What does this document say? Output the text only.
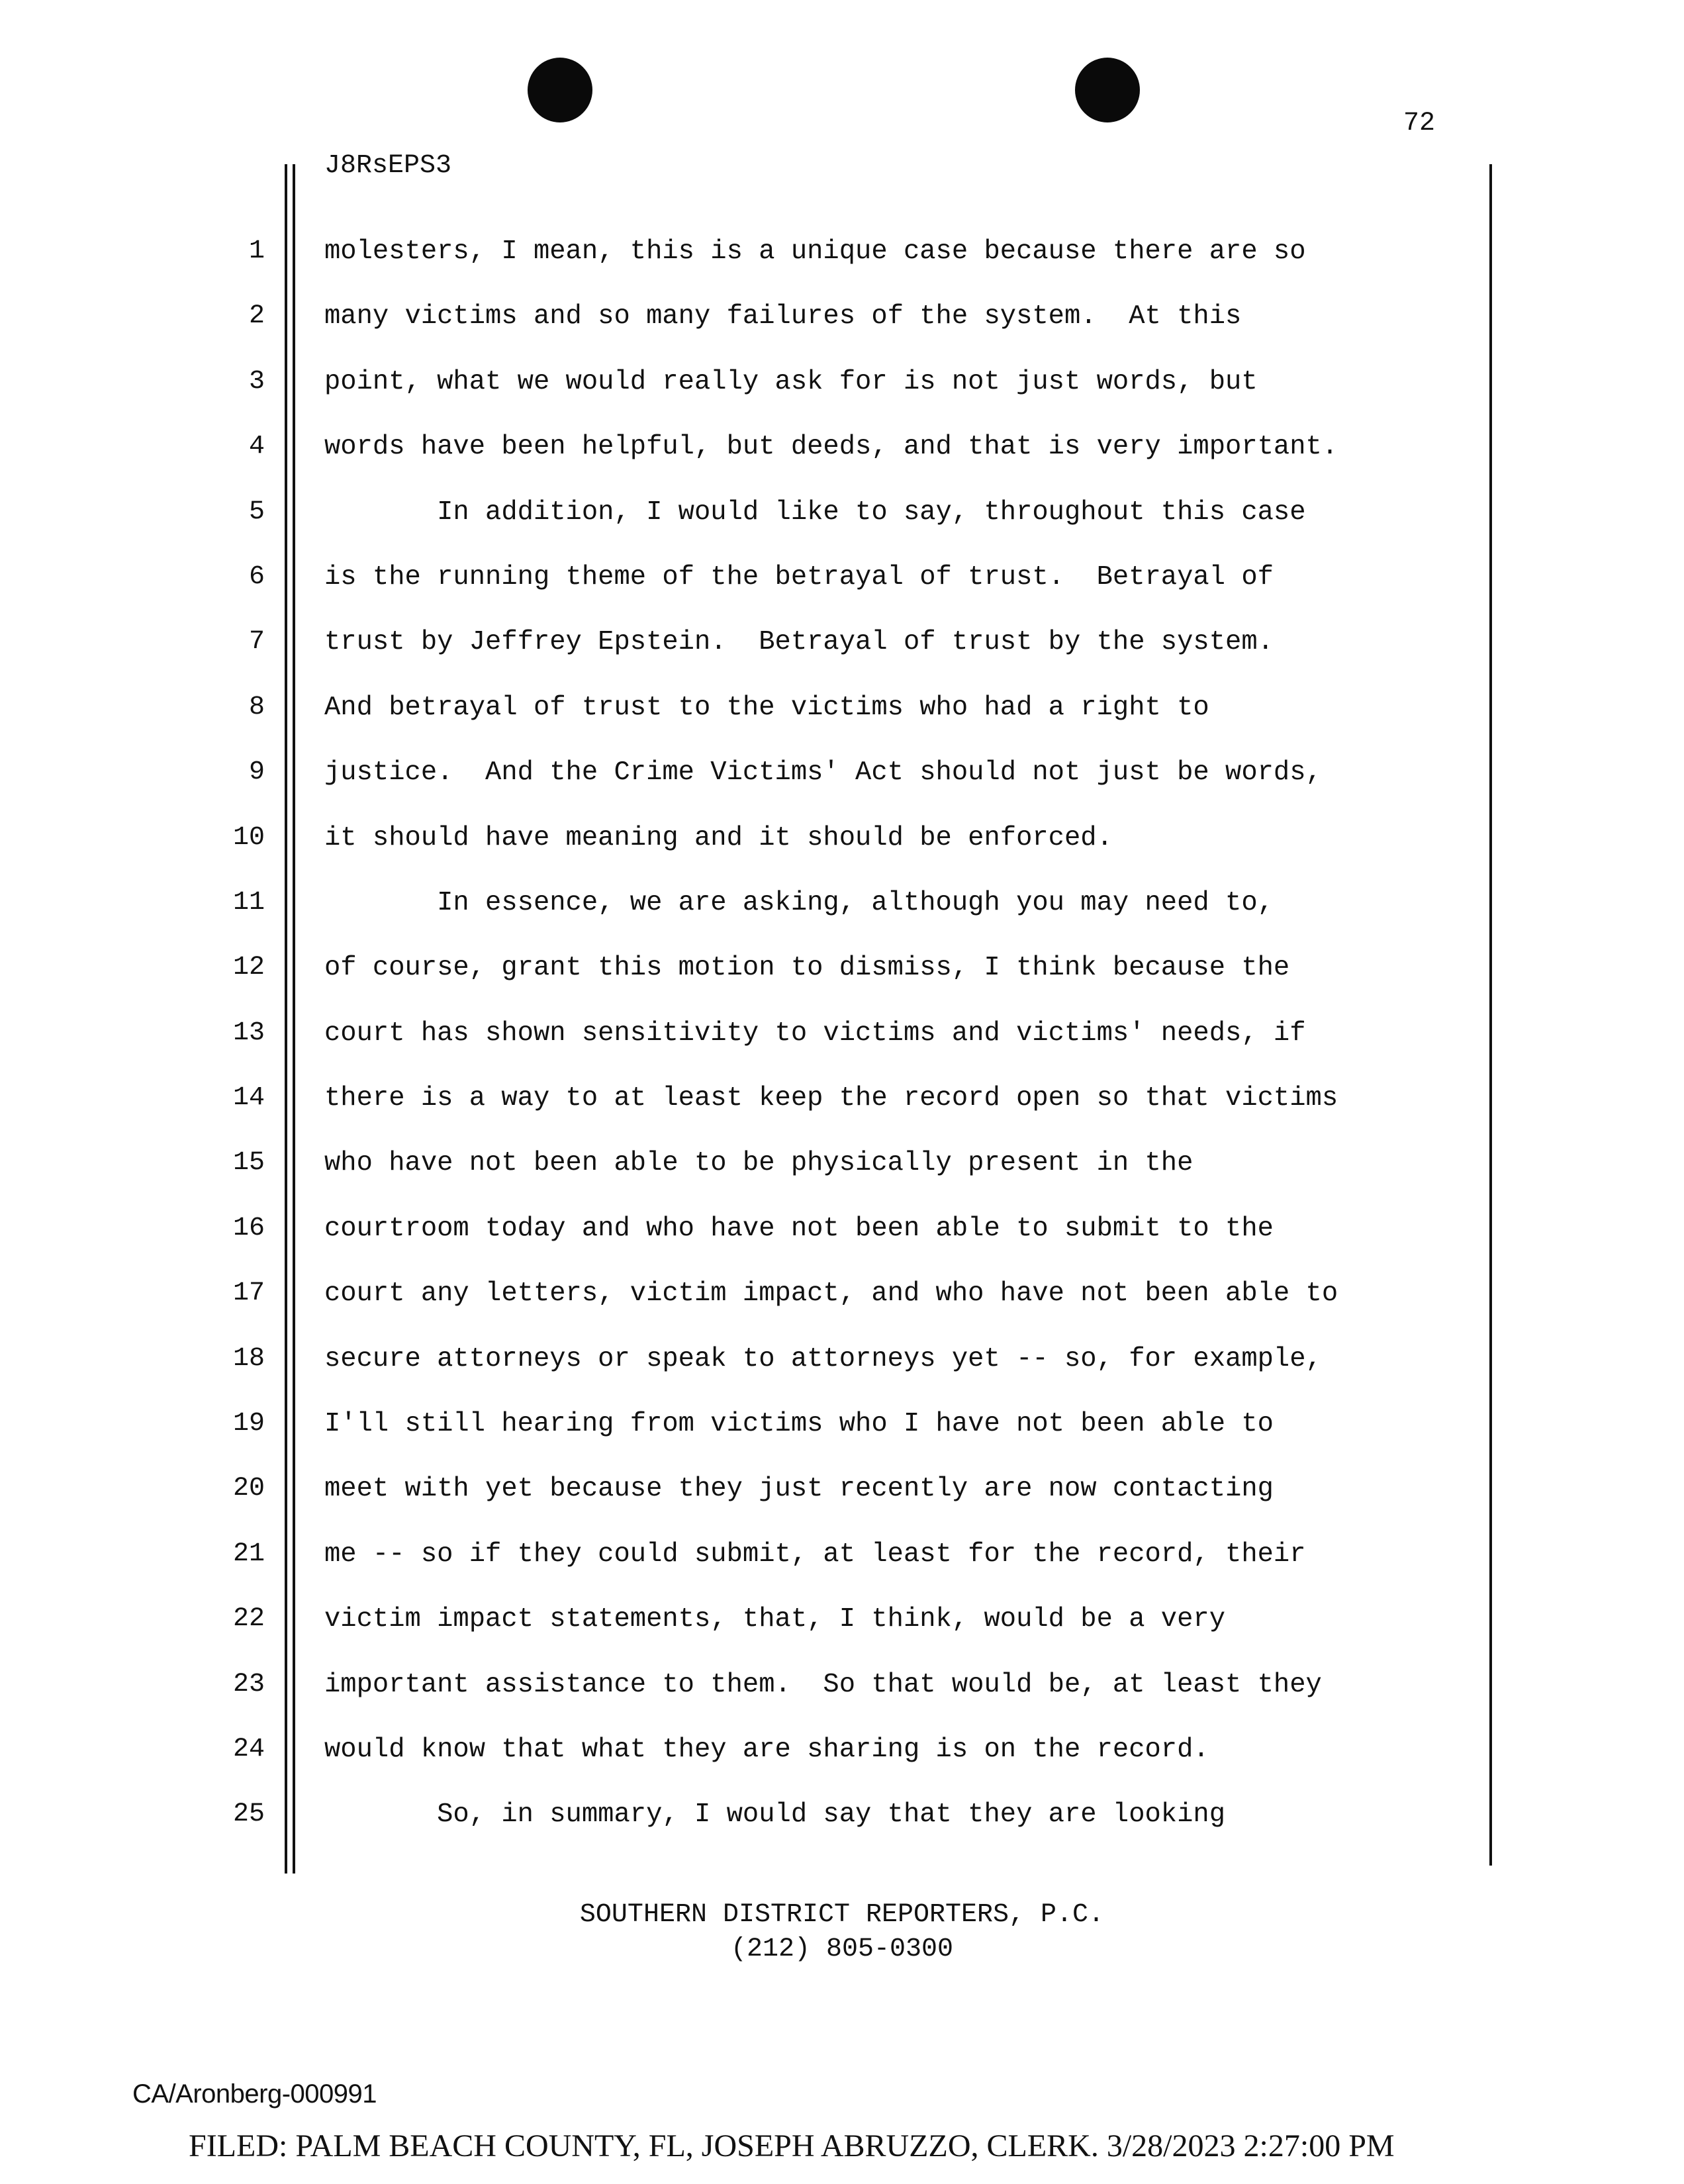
72
J8RsEPS3
1
2
3
4
5
6
7
8
9
10
11
12
13
14
15
16
17
18
19
20
21
22
23
24
25
molesters, I mean, this is a unique case because there are so
many victims and so many failures of the system.  At this
point, what we would really ask for is not just words, but
words have been helpful, but deeds, and that is very important.
In addition, I would like to say, throughout this case
is the running theme of the betrayal of trust.  Betrayal of
trust by Jeffrey Epstein.  Betrayal of trust by the system.
And betrayal of trust to the victims who had a right to
justice.  And the Crime Victims' Act should not just be words,
it should have meaning and it should be enforced.
In essence, we are asking, although you may need to,
of course, grant this motion to dismiss, I think because the
court has shown sensitivity to victims and victims' needs, if
there is a way to at least keep the record open so that victims
who have not been able to be physically present in the
courtroom today and who have not been able to submit to the
court any letters, victim impact, and who have not been able to
secure attorneys or speak to attorneys yet -- so, for example,
I'll still hearing from victims who I have not been able to
meet with yet because they just recently are now contacting
me -- so if they could submit, at least for the record, their
victim impact statements, that, I think, would be a very
important assistance to them.  So that would be, at least they
would know that what they are sharing is on the record.
So, in summary, I would say that they are looking
SOUTHERN DISTRICT REPORTERS, P.C.
(212) 805-0300
CA/Aronberg-000991
FILED: PALM BEACH COUNTY, FL, JOSEPH ABRUZZO, CLERK. 3/28/2023 2:27:00 PM
